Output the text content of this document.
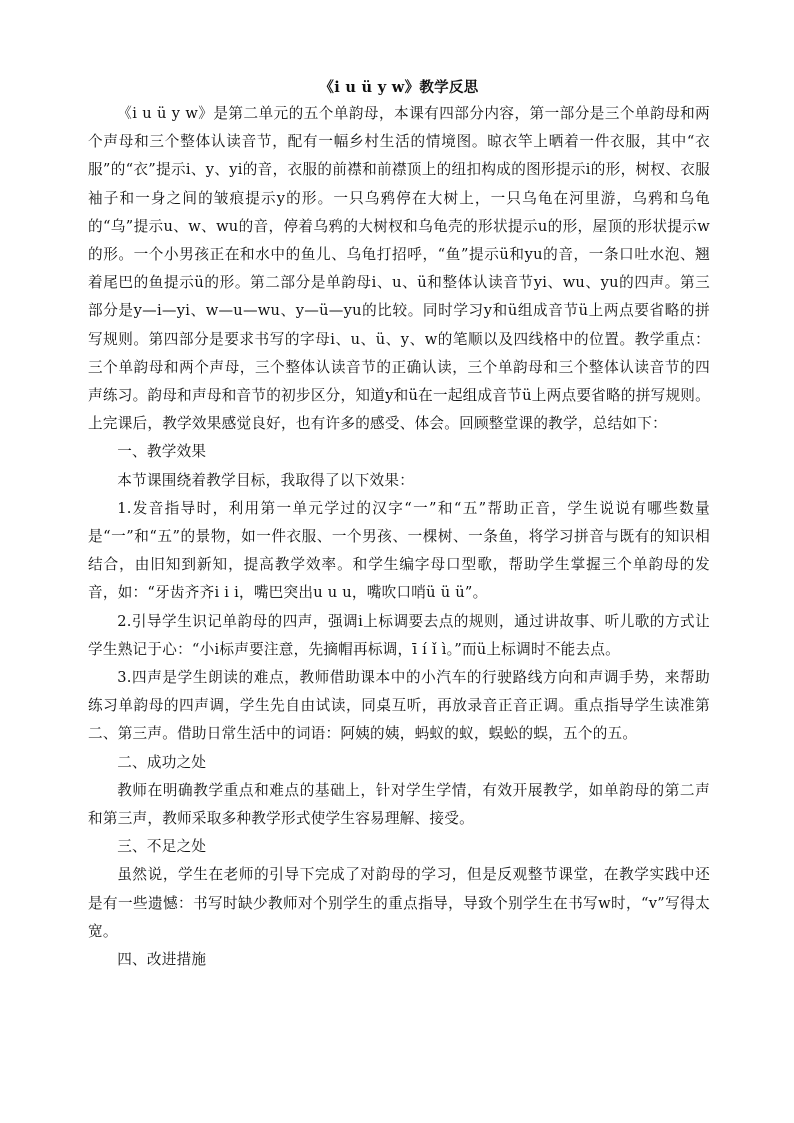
《i u ü y w》教学反思

《i u ü y w》是第二单元的五个单韵母，本课有四部分内容，第一部分是三个单韵母和两个声母和三个整体认读音节，配有一幅乡村生活的情境图。晾衣竿上晒着一件衣服，其中“衣服”的“衣”提示i、y、yi的音，衣服的前襟和前襟顶上的纽扣构成的图形提示i的形，树杈、衣服袖子和一身之间的皱痕提示y的形。一只乌鸦停在大树上，一只乌龟在河里游，乌鸦和乌龟的“乌”提示u、w、wu的音，停着乌鸦的大树杈和乌龟壳的形状提示u的形，屋顶的形状提示w的形。一个小男孩正在和水中的鱼儿、乌龟打招呼，“鱼”提示ü和yu的音，一条口吐水泡、翘着尾巴的鱼提示ü的形。第二部分是单韵母i、u、ü和整体认读音节yi、wu、yu的四声。第三部分是y—i—yi、w—u—wu、y—ü—yu的比较。同时学习y和ü组成音节ü上两点要省略的拼写规则。第四部分是要求书写的字母i、u、ü、y、w的笔顺以及四线格中的位置。教学重点：三个单韵母和两个声母，三个整体认读音节的正确认读，三个单韵母和三个整体认读音节的四声练习。韵母和声母和音节的初步区分，知道y和ü在一起组成音节ü上两点要省略的拼写规则。上完课后，教学效果感觉良好，也有许多的感受、体会。回顾整堂课的教学，总结如下：

一、教学效果

本节课围绕着教学目标，我取得了以下效果：

1.发音指导时，利用第一单元学过的汉字“一”和“五”帮助正音，学生说说有哪些数量是“一”和“五”的景物，如一件衣服、一个男孩、一棵树、一条鱼，将学习拼音与既有的知识相结合，由旧知到新知，提高教学效率。和学生编字母口型歌，帮助学生掌握三个单韵母的发音，如：“牙齿齐齐i i i，嘴巴突出u u u，嘴吹口哨ü ü ü”。

2.引导学生识记单韵母的四声，强调i上标调要去点的规则，通过讲故事、听儿歌的方式让学生熟记于心：“小i标声要注意，先摘帽再标调，ī í ǐ ì。”而ü上标调时不能去点。

3.四声是学生朗读的难点，教师借助课本中的小汽车的行驶路线方向和声调手势，来帮助练习单韵母的四声调，学生先自由试读，同桌互听，再放录音正音正调。重点指导学生读准第二、第三声。借助日常生活中的词语：阿姨的姨，蚂蚁的蚁，蜈蚣的蜈，五个的五。

二、成功之处

教师在明确教学重点和难点的基础上，针对学生学情，有效开展教学，如单韵母的第二声和第三声，教师采取多种教学形式使学生容易理解、接受。

三、不足之处

虽然说，学生在老师的引导下完成了对韵母的学习，但是反观整节课堂，在教学实践中还是有一些遗憾：书写时缺少教师对个别学生的重点指导，导致个别学生在书写w时，“v”写得太宽。

四、改进措施
